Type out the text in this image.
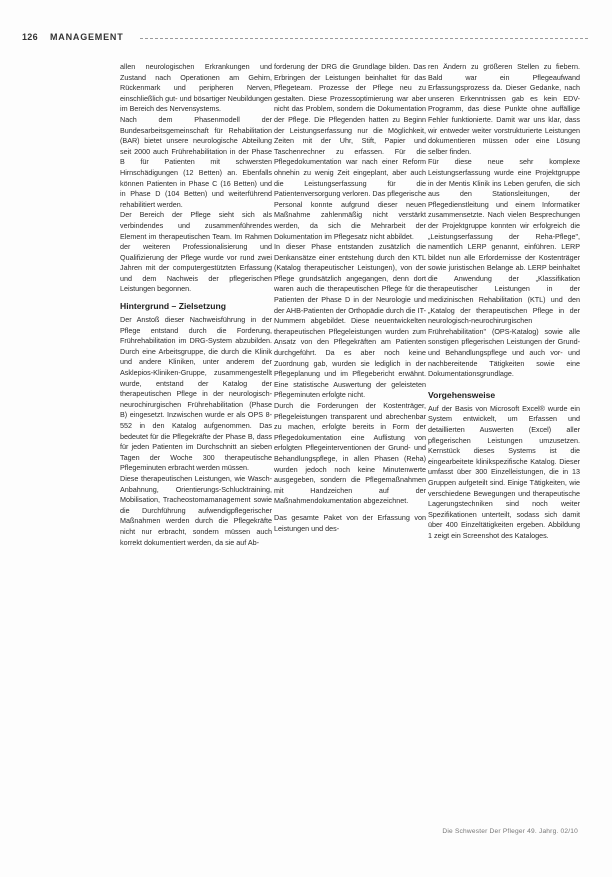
126 MANAGEMENT

allen neurologischen Erkrankungen und Zustand nach Operationen am Gehirn, Rückenmark und peripheren Nerven, einschließlich gut- und bösartiger Neubildungen im Bereich des Nervensystems.

Nach dem Phasenmodell der Bundesarbeitsgemeinschaft für Rehabilitation (BAR) bietet unsere neurologische Abteilung seit 2000 auch Frührehabilitation in der Phase B für Patienten mit schwersten Hirnschädigungen (12 Betten) an. Ebenfalls können Patienten in Phase C (16 Betten) und in Phase D (104 Betten) und weiterführend rehabilitiert werden.

Der Bereich der Pflege sieht sich als verbindendes und zusammenführendes Element im therapeutischen Team. Im Rahmen der weiteren Professionalisierung und Qualifizierung der Pflege wurde vor rund zwei Jahren mit der computergestützten Erfassung und dem Nachweis der pflegerischen Leistungen begonnen.

Hintergrund – Zielsetzung

Der Anstoß dieser Nachweisführung in der Pflege entstand durch die Forderung, Frührehabilitation im DRG-System abzubilden. Durch eine Arbeitsgruppe, die durch die Klinik und andere Kliniken, unter anderem der Asklepios-Kliniken-Gruppe, zusammengestellt wurde, entstand der Katalog der therapeutischen Pflege in der neurologisch-neurochirurgischen Frührehabilitation (Phase B) eingesetzt. Inzwischen wurde er als OPS 8-552 in den Katalog aufgenommen. Das bedeutet für die Pflegekräfte der Phase B, dass für jeden Patienten im Durchschnitt an sieben Tagen der Woche 300 therapeutische Pflegeminuten erbracht werden müssen.

Diese therapeutischen Leistungen, wie Wasch-Anbahnung, Orientierungs-Schlucktraining, Mobilisation, Tracheostomamanagement sowie die Durchführung aufwendigpflegerischer Maßnahmen werden durch die Pflegekräfte nicht nur erbracht, sondern müssen auch korrekt dokumentiert werden, da sie auf Ab-

forderung der DRG die Grundlage bilden. Das Erbringen der Leistungen beinhaltet für das Pflegeteam. Prozesse der Pflege neu zu gestalten. Diese Prozessoptimierung war aber nicht das Problem, sondern die Dokumentation der Pflege. Die Pflegenden hatten zu Beginn der Leistungserfassung nur die Möglichkeit, Zeiten mit der Uhr, Stift, Papier und Taschenrechner zu erfassen. Für die Pflegedokumentation war nach einer Reform ohnehin zu wenig Zeit eingeplant, aber auch die Leistungserfassung für die Patientenversorgung verloren. Das pflegerische Personal konnte aufgrund dieser neuen Maßnahme zahlenmäßig nicht verstärkt werden, da sich die Mehrarbeit der Dokumentation im Pflegesatz nicht abbildet.

In dieser Phase entstanden zusätzlich die Denkansätze einer entstehung durch den KTL (Katalog therapeutischer Leistungen), von der Pflege grundsätzlich angegangen, denn dort waren auch die therapeutischen Pflege für die Patienten der Phase D in der Neurologie und der AHB-Patienten der Orthopädie durch die IT-Nummern abgebildet. Diese neuentwickelten therapeutischen Pflegeleistungen wurden zum Ansatz von den Pflegekräften am Patienten durchgeführt. Da es aber noch keine Zuordnung gab, wurden sie lediglich in der Pflegeplanung und im Pflegebericht erwähnt. Eine statistische Auswertung der geleisteten Pflegeminuten erfolgte nicht.

Durch die Forderungen der Kostenträger, Pflegeleistungen transparent und abrechenbar zu machen, erfolgte bereits in Form der Pflegedokumentation eine Auflistung von erfolgten Pflegeinterventionen der Grund- und Behandlungspflege, in allen Phasen (Reha) wurden jedoch noch keine Minutenwerte ausgegeben, sondern die Pflegemaßnahmen mit Handzeichen auf der Maßnahmendokumentation abgezeichnet.

Das gesamte Paket von der Erfassung von Leistungen und des-

ren Ändern zu größeren Stellen zu fiebern. Bald war ein Pflegeaufwand Erfassungsprozess da. Dieser Gedanke, nach unseren Erkenntnissen gab es kein EDV-Programm, das diese Punkte ohne auffällige Fehler funktionierte. Damit war uns klar, dass wir entweder weiter vorstrukturierte Leistungen dokumentieren müssen oder eine Lösung selber finden.

Für diese neue sehr komplexe Leistungserfassung wurde eine Projektgruppe in der Mentis Klinik ins Leben gerufen, die sich aus den Stationsleitungen, der Pflegedienstleitung und einem Informatiker zusammensetzte. Nach vielen Besprechungen der Projektgruppe konnten wir erfolgreich die „Leistungserfassung der Reha-Pflege", namentlich LERP genannt, einführen. LERP bildet nun alle Erfordernisse der Kostenträger sowie juristischen Belange ab. LERP beinhaltet die Anwendung der „Klassifikation therapeutischer Leistungen in der medizinischen Rehabilitation (KTL) und den „Katalog der therapeutischen Pflege in der neurologisch-neurochirurgischen Frührehabilitation" (OPS-Katalog) sowie alle sonstigen pflegerischen Leistungen der Grund- und Behandlungspflege und auch vor- und nachbereitende Tätigkeiten sowie eine Dokumentationsgrundlage.

Vorgehensweise

Auf der Basis von Microsoft Excel® wurde ein System entwickelt, um Erfassen und detaillierten Auswerten (Excel) aller pflegerischen Leistungen umzusetzen. Kernstück dieses Systems ist die eingearbeitete klinikspezifische Katalog. Dieser umfasst über 300 Einzelleistungen, die in 13 Gruppen aufgeteilt sind. Einige Tätigkeiten, wie verschiedene Bewegungen und therapeutische Lagerungstechniken sind noch weiter Spezifikationen unterteilt, sodass sich damit über 400 Einzeltätigkeiten ergeben. Abbildung 1 zeigt ein Screenshot des Kataloges.

Die Schwester Der Pfleger 49. Jahrg. 02/10
